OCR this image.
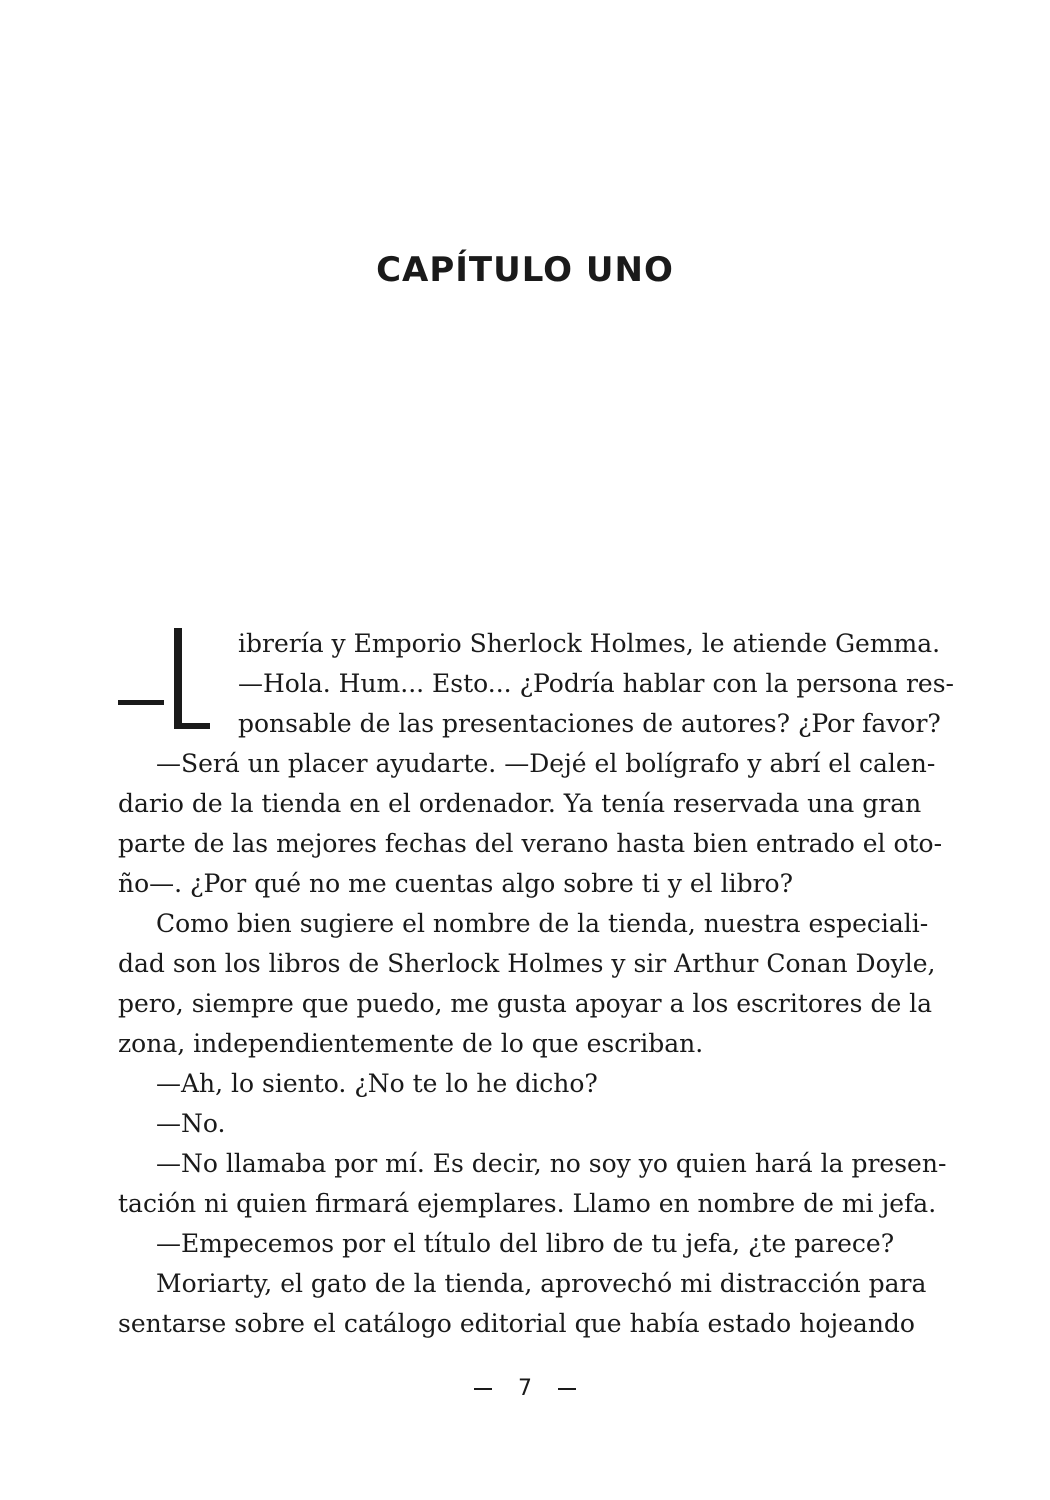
CAPÍTULO UNO
ibrería y Emporio Sherlock Holmes, le atiende Gemma.
—Hola. Hum... Esto... ¿Podría hablar con la persona res-
ponsable de las presentaciones de autores? ¿Por favor?
—Será un placer ayudarte. —Dejé el bolígrafo y abrí el calen-
dario de la tienda en el ordenador. Ya tenía reservada una gran
parte de las mejores fechas del verano hasta bien entrado el oto-
ño—. ¿Por qué no me cuentas algo sobre ti y el libro?
Como bien sugiere el nombre de la tienda, nuestra especiali-
dad son los libros de Sherlock Holmes y sir Arthur Conan Doyle,
pero, siempre que puedo, me gusta apoyar a los escritores de la
zona, independientemente de lo que escriban.
—Ah, lo siento. ¿No te lo he dicho?
—No.
—No llamaba por mí. Es decir, no soy yo quien hará la presen-
tación ni quien firmará ejemplares. Llamo en nombre de mi jefa.
—Empecemos por el título del libro de tu jefa, ¿te parece?
Moriarty, el gato de la tienda, aprovechó mi distracción para
sentarse sobre el catálogo editorial que había estado hojeando
7
